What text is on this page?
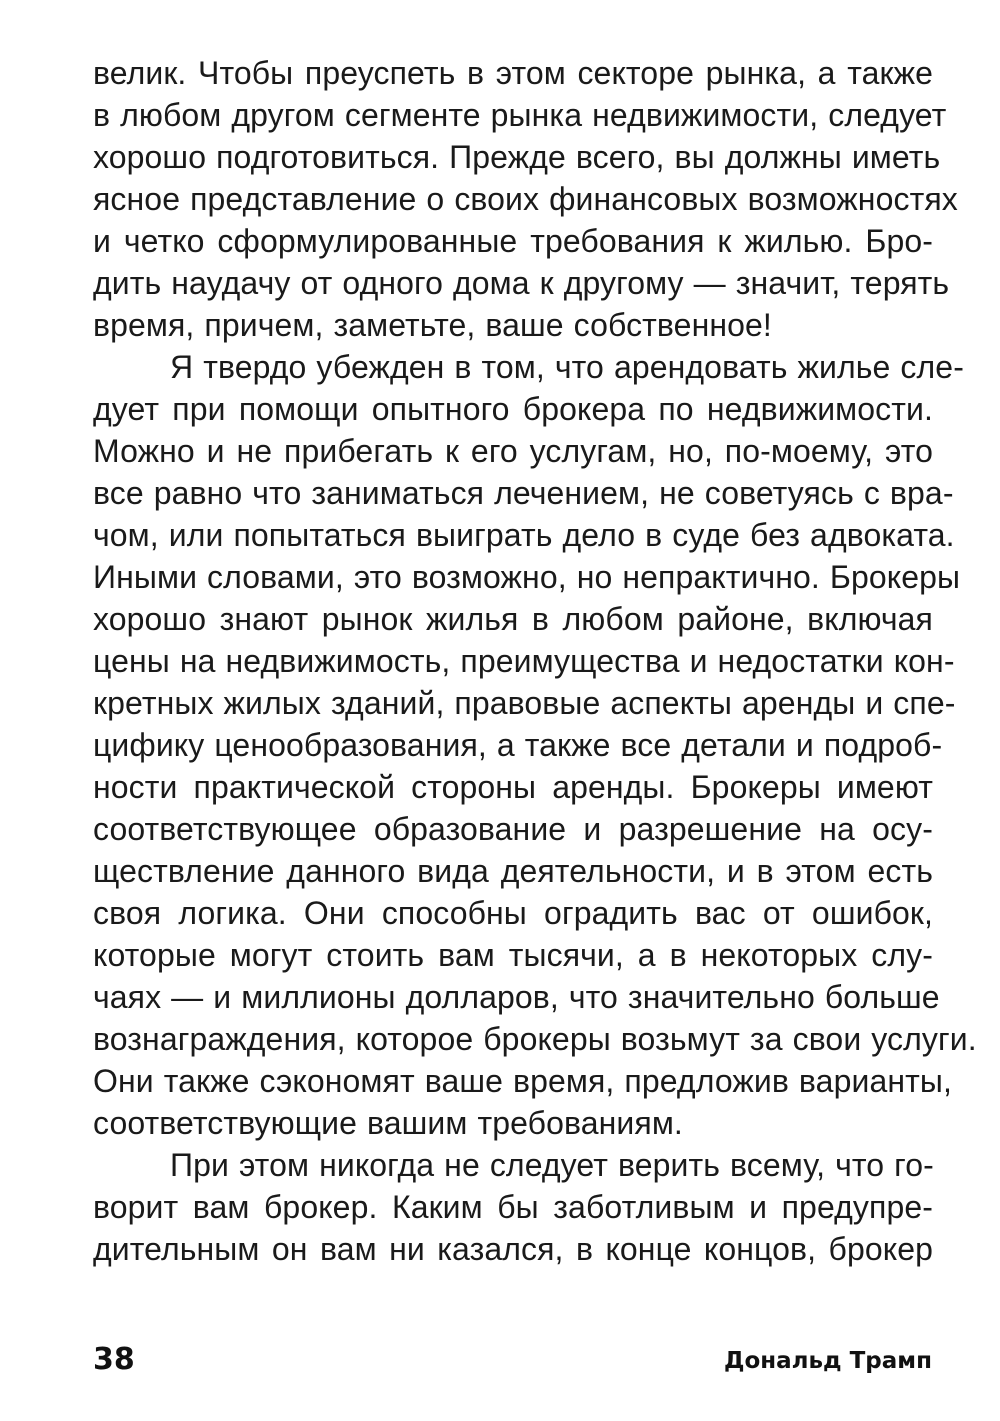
велик. Чтобы преуспеть в этом секторе рынка, а также
в любом другом сегменте рынка недвижимости, следует
хорошо подготовиться. Прежде всего, вы должны иметь
ясное представление о своих финансовых возможностях
и четко сформулированные требования к жилью. Бро-
дить наудачу от одного дома к другому — значит, терять
время, причем, заметьте, ваше собственное!
Я твердо убежден в том, что арендовать жилье сле-
дует при помощи опытного брокера по недвижимости.
Можно и не прибегать к его услугам, но, по-моему, это
все равно что заниматься лечением, не советуясь с вра-
чом, или попытаться выиграть дело в суде без адвоката.
Иными словами, это возможно, но непрактично. Брокеры
хорошо знают рынок жилья в любом районе, включая
цены на недвижимость, преимущества и недостатки кон-
кретных жилых зданий, правовые аспекты аренды и спе-
цифику ценообразования, а также все детали и подроб-
ности практической стороны аренды. Брокеры имеют
соответствующее образование и разрешение на осу-
ществление данного вида деятельности, и в этом есть
своя логика. Они способны оградить вас от ошибок,
которые могут стоить вам тысячи, а в некоторых слу-
чаях — и миллионы долларов, что значительно больше
вознаграждения, которое брокеры возьмут за свои услуги.
Они также сэкономят ваше время, предложив варианты,
соответствующие вашим требованиям.
При этом никогда не следует верить всему, что го-
ворит вам брокер. Каким бы заботливым и предупре-
дительным он вам ни казался, в конце концов, брокер
38	Дональд Трамп
